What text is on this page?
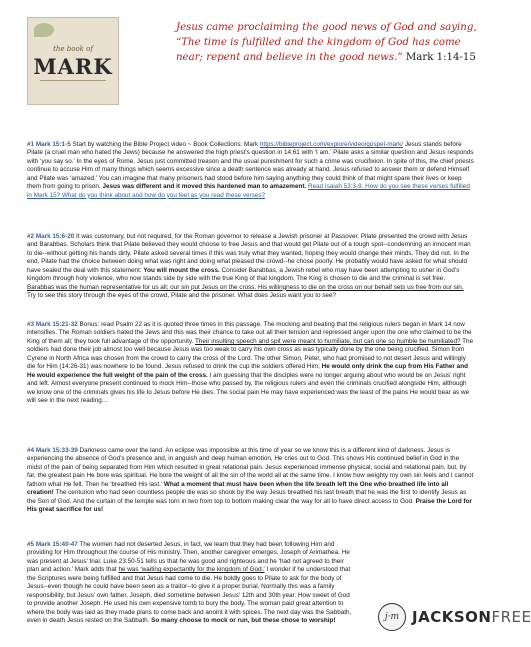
the book of
MARK
Jesus came proclaiming the good news of God and saying, “The time is fulfilled and the kingdom of God has come near; repent and believe in the good news.” Mark 1:14-15
#1 Mark 15:1-5 Start by watching the Bible Project video ~ Book Collections: Mark https://bibleproject.com/explore/video/gospel-mark/ Jesus stands before Pilate (a cruel man who hated the Jews) because he answered the high priest’s question in 14:61 with ‘I am.’ Pilate asks a similar question and Jesus responds with ‘you say so.’ In the eyes of Rome, Jesus just committed treason and the usual punishment for such a crime was crucifixion. In spite of this, the chief priests continue to accuse Him of many things which seems excessive since a death sentence was already at hand. Jesus refused to answer them or defend Himself and Pilate was ‘amazed.’ You can imagine that many prisoners had stood before him saying anything they could think of that might spare their lives or keep them from going to prison. Jesus was different and it moved this hardened man to amazement. Read Isaiah 53:3-9. How do you see these verses fulfilled in Mark 15? What do you think about and how do you feel as you read these verses?
#2 Mark 15:6-20 It was customary, but not required, for the Roman governor to release a Jewish prisoner at Passover. Pilate presented the crowd with Jesus and Barabbas. Scholars think that Pilate believed they would choose to free Jesus and that would get Pilate out of a tough spot--condemning an innocent man to die--without getting his hands dirty. Pilate asked several times if this was truly what they wanted, hoping they would change their minds. They did not. In the end, Pilate had the choice between doing what was right and doing what pleased the crowd--he chose poorly. He probably would have asked for what should have sealed the deal with this statement: You will mount the cross. Consider Barabbas, a Jewish rebel who may have been attempting to usher in God’s kingdom through holy violence, who now stands side by side with the true King of that kingdom. The King is chosen to die and the criminal is set free. Barabbas was the human representative for us all; our sin put Jesus on the cross. His willingness to die on the cross on our behalf sets us free from our sin. Try to see this story through the eyes of the crowd, Pilate and the prisoner. What does Jesus want you to see?
#3 Mark 15:21-32 Bonus: read Psalm 22 as it is quoted three times in this passage. The mocking and beating that the religious rulers began in Mark 14 now intensifies. The Roman soldiers hated the Jews and this was their chance to take out all their tension and repressed anger upon the one who claimed to be the King of them all; they took full advantage of the opportunity. Their insulting speech and spit were meant to humiliate, but can one so humble be humiliated? The soldiers had done their job almost too well because Jesus was too weak to carry his own cross as was typically done by the one being crucified. Simon from Cyrene in North Africa was chosen from the crowd to carry the cross of the Lord. The other Simon, Peter, who had promised to not desert Jesus and willingly die for Him (14:26-31) was nowhere to be found. Jesus refused to drink the cup the soldiers offered Him; He would only drink the cup from His Father and He would experience the full weight of the pain of the cross. I am guessing that the disciples were no longer arguing about who would be on Jesus’ right and left. Almost everyone present continued to mock Him--those who passed by, the religious rulers and even the criminals crucified alongside Him, although we know one of the criminals gives his life to Jesus before He dies. The social pain He may have experienced was the least of the pains He would bear as we will see in the next reading…
#4 Mark 15:33-39 Darkness came over the land. An eclipse was impossible at this time of year so we know this is a different kind of darkness. Jesus is experiencing the absence of God’s presence and, in anguish and deep human emotion, He cries out to God. This shows His continued belief in God in the midst of the pain of being separated from Him which resulted in great relational pain. Jesus experienced immense physical, social and relational pain, but, by far, the greatest pain He bore was spiritual. He bore the weight of all the sin of the world all at the same time. I know how weighty my own sin feels and I cannot fathom what He felt. Then he ‘breathed His last.’ What a moment that must have been when the life breath left the One who breathed life into all creation! The centurion who had seen countless people die was so shook by the way Jesus breathed his last breath that he was the first to identify Jesus as the Son of God. And the curtain of the temple was torn in two from top to bottom making clear the way for all to have direct access to God. Praise the Lord for His great sacrifice for us!
#5 Mark 15:40-47 The women had not deserted Jesus, in fact, we learn that they had been following Him and providing for Him throughout the course of His ministry. Then, another caregiver emerges, Joseph of Arimathea. He was present at Jesus’ trial. Luke 23:50-51 tells us that he was good and righteous and he ‘had not agreed to their plan and action.’ Mark adds that he was ‘waiting expectantly for the kingdom of God.’ I wonder if he understood that the Scriptures were being fulfilled and that Jesus had come to die. He boldly goes to Pilate to ask for the body of Jesus--even though he could have been seen as a traitor--to give it a proper burial. Normally this was a family responsibility, but Jesus’ own father, Joseph, died sometime between Jesus’ 12th and 30th year. How sweet of God to provide another Joseph. He used his own expensive tomb to bury the body. The woman paid great attention to where the body was laid as they made plans to come back and anoint it with spices. The next day was the Sabbath, even in death Jesus rested on the Sabbath. So many choose to mock or run, but these chose to worship!	j·m JACKSONFREE
